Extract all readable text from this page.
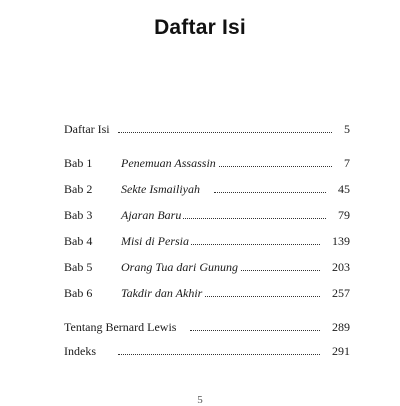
Daftar Isi
Daftar Isi	5
Bab 1 Penemuan Assassin	7
Bab 2 Sekte Ismailiyah	45
Bab 3 Ajaran Baru	79
Bab 4 Misi di Persia	139
Bab 5 Orang Tua dari Gunung	203
Bab 6 Takdir dan Akhir	257
Tentang Bernard Lewis	289
Indeks	291
5
